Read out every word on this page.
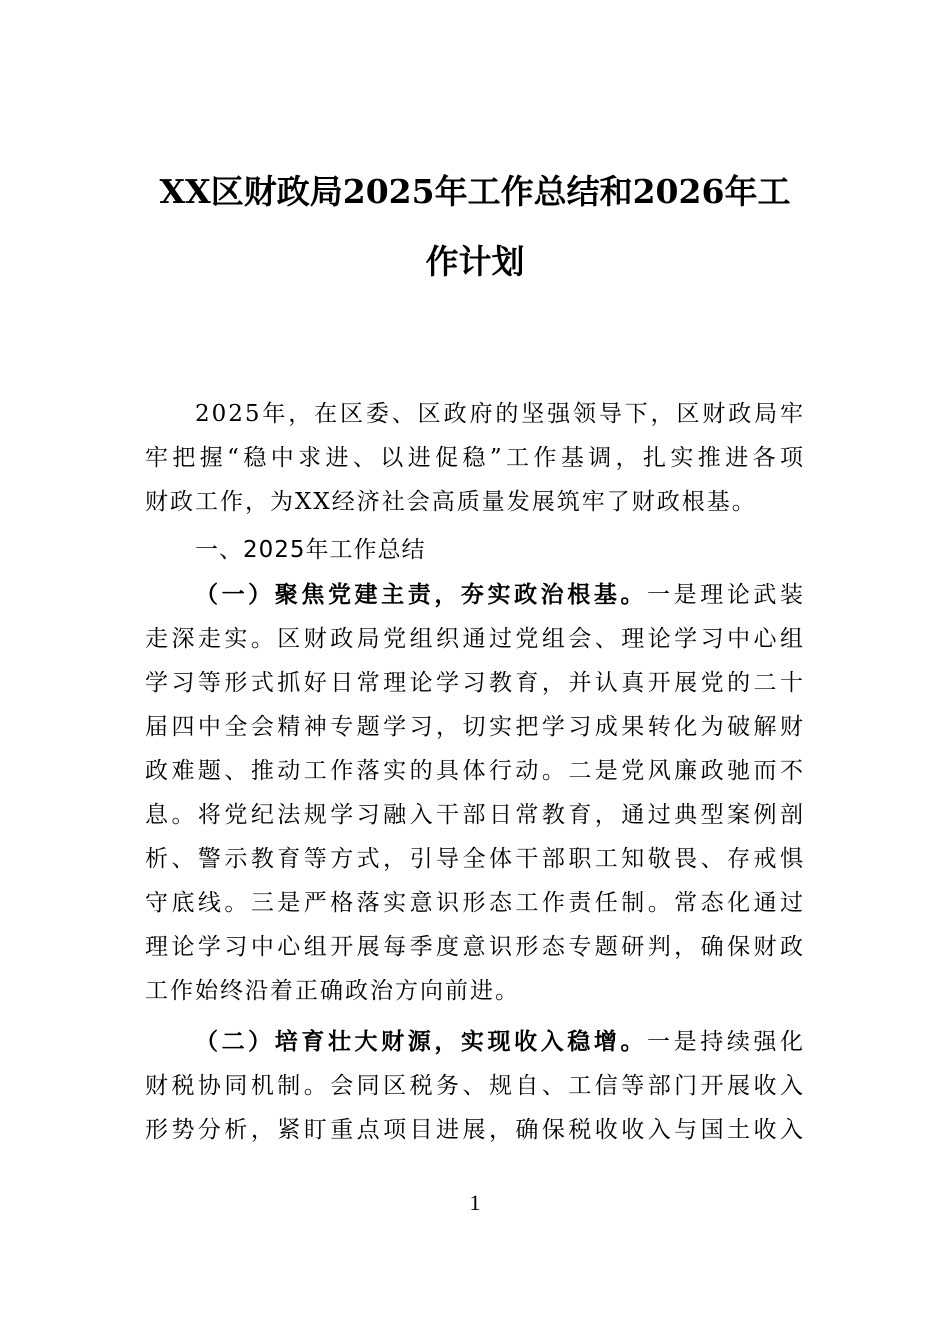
XX区财政局2025年工作总结和2026年工
作计划
2025年，在区委、区政府的坚强领导下，区财政局牢
牢把握“稳中求进、以进促稳”工作基调，扎实推进各项
财政工作，为XX经济社会高质量发展筑牢了财政根基。
一、2025年工作总结
（一）聚焦党建主责，夯实政治根基。一是理论武装
走深走实。区财政局党组织通过党组会、理论学习中心组
学习等形式抓好日常理论学习教育，并认真开展党的二十
届四中全会精神专题学习，切实把学习成果转化为破解财
政难题、推动工作落实的具体行动。二是党风廉政驰而不
息。将党纪法规学习融入干部日常教育，通过典型案例剖
析、警示教育等方式，引导全体干部职工知敬畏、存戒惧
守底线。三是严格落实意识形态工作责任制。常态化通过
理论学习中心组开展每季度意识形态专题研判，确保财政
工作始终沿着正确政治方向前进。
（二）培育壮大财源，实现收入稳增。一是持续强化
财税协同机制。会同区税务、规自、工信等部门开展收入
形势分析，紧盯重点项目进展，确保税收收入与国土收入
1
